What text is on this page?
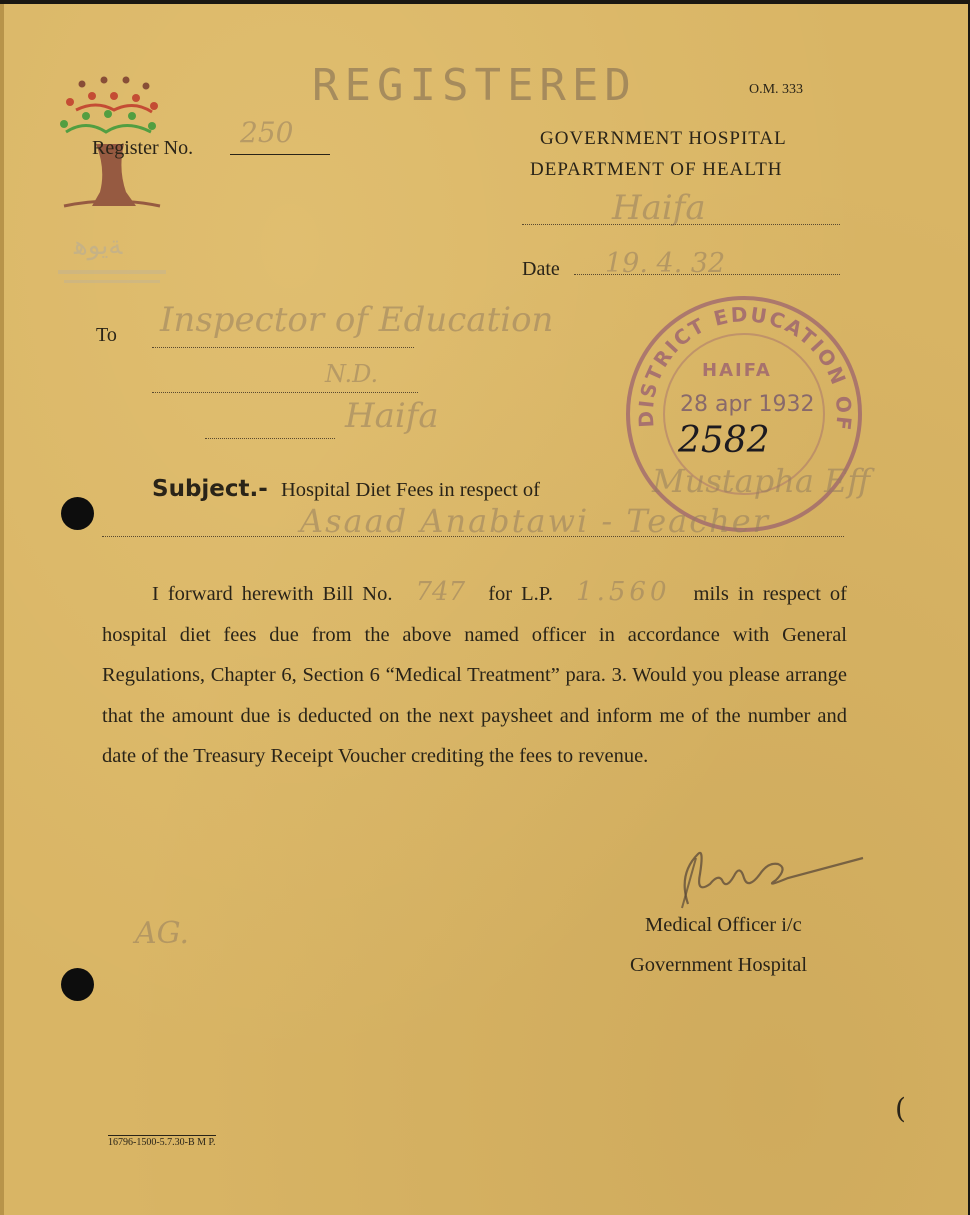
ﺔﻳﻮﻫ
REGISTERED	O.M. 333
GOVERNMENT HOSPITAL
DEPARTMENT OF HEALTH
Haifa
Date 19. 4. 32
Register No. 250
To Inspector of Education
N.D.
Haifa	DISTRICT EDUCATION OF
HAIFA
28 apr 1932
2582
Subject.- Hospital Diet Fees in respect of	Mustapha Eff
Asaad Anabtawi - Teacher
I forward herewith Bill No. 747 for L.P. 1.560 mils in respect of hospital diet fees due from the above named officer in accordance with General Regulations, Chapter 6, Section 6 “Medical Treatment” para. 3. Would you please arrange that the amount due is deducted on the next paysheet and inform me of the number and date of the Treasury Receipt Voucher crediting the fees to revenue.
Medical Officer i/c
Government Hospital
AG.
(
16796-1500-5.7.30-B M P.
